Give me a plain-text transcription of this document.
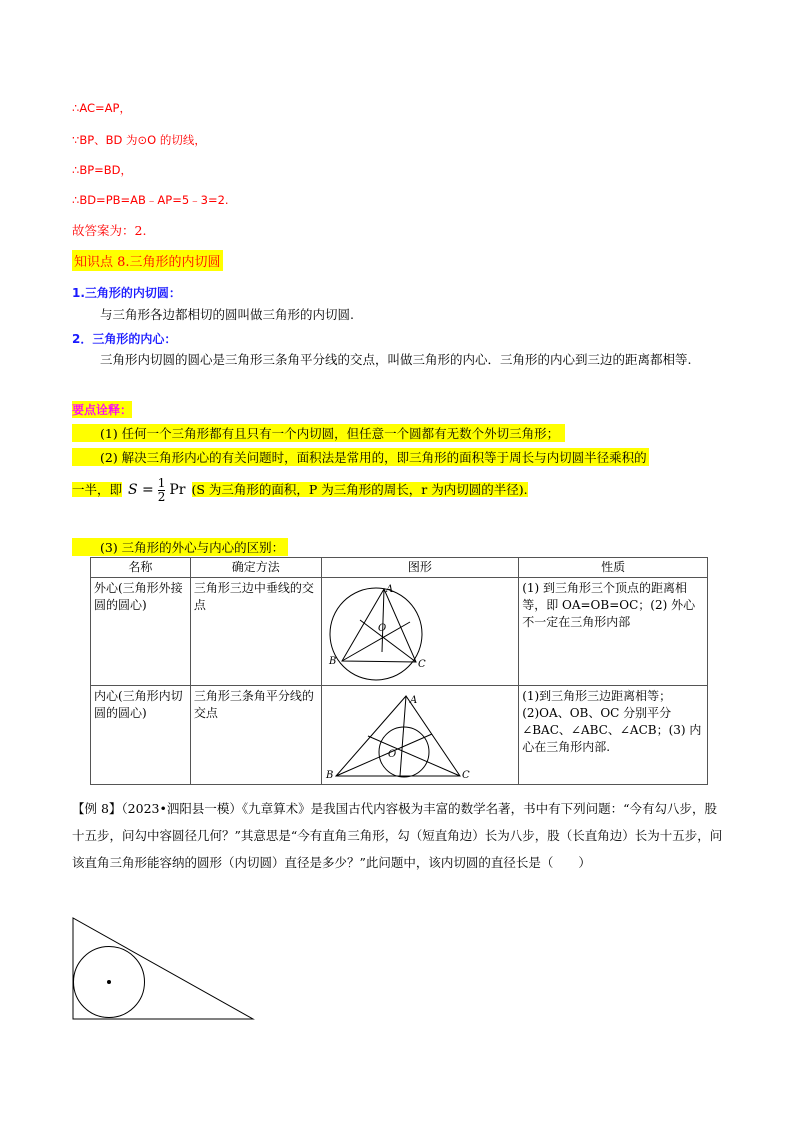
∴AC=AP，
∵BP、BD 为⊙O 的切线，
∴BP=BD，
∴BD=PB=AB﹣AP=5﹣3=2.
故答案为：2.
知识点 8.三角形的内切圆
1.三角形的内切圆：
与三角形各边都相切的圆叫做三角形的内切圆.
2．三角形的内心：
三角形内切圆的圆心是三角形三条角平分线的交点，叫做三角形的内心．三角形的内心到三边的距离都相等.
要点诠释：
(1) 任何一个三角形都有且只有一个内切圆，但任意一个圆都有无数个外切三角形；
(2) 解决三角形内心的有关问题时，面积法是常用的，即三角形的面积等于周长与内切圆半径乘积的
一半，即 $S = \frac{1}{2}$ Pr (S 为三角形的面积，P 为三角形的周长，r 为内切圆的半径).
(3) 三角形的外心与内心的区别：
名称	确定方法	图形	性质
外心(三角形外接圆的圆心)	三角形三边中垂线的交点		(1) 到三角形三个顶点的距离相等，即 OA=OB=OC；(2) 外心不一定在三角形内部
内心(三角形内切圆的圆心)	三角形三条角平分线的交点		(1)到三角形三边距离相等；(2)OA、OB、OC 分别平分∠BAC、∠ABC、∠ACB；(3) 内心在三角形内部.
A
B	C
O
A
B	C
O
【例 8】（2023•泗阳县一模）《九章算术》是我国古代内容极为丰富的数学名著，书中有下列问题：“今有勾八步，股十五步，问勾中容圆径几何？”其意思是“今有直角三角形，勾（短直角边）长为八步，股（长直角边）长为十五步，问该直角三角形能容纳的圆形（内切圆）直径是多少？”此问题中，该内切圆的直径长是（　　）
